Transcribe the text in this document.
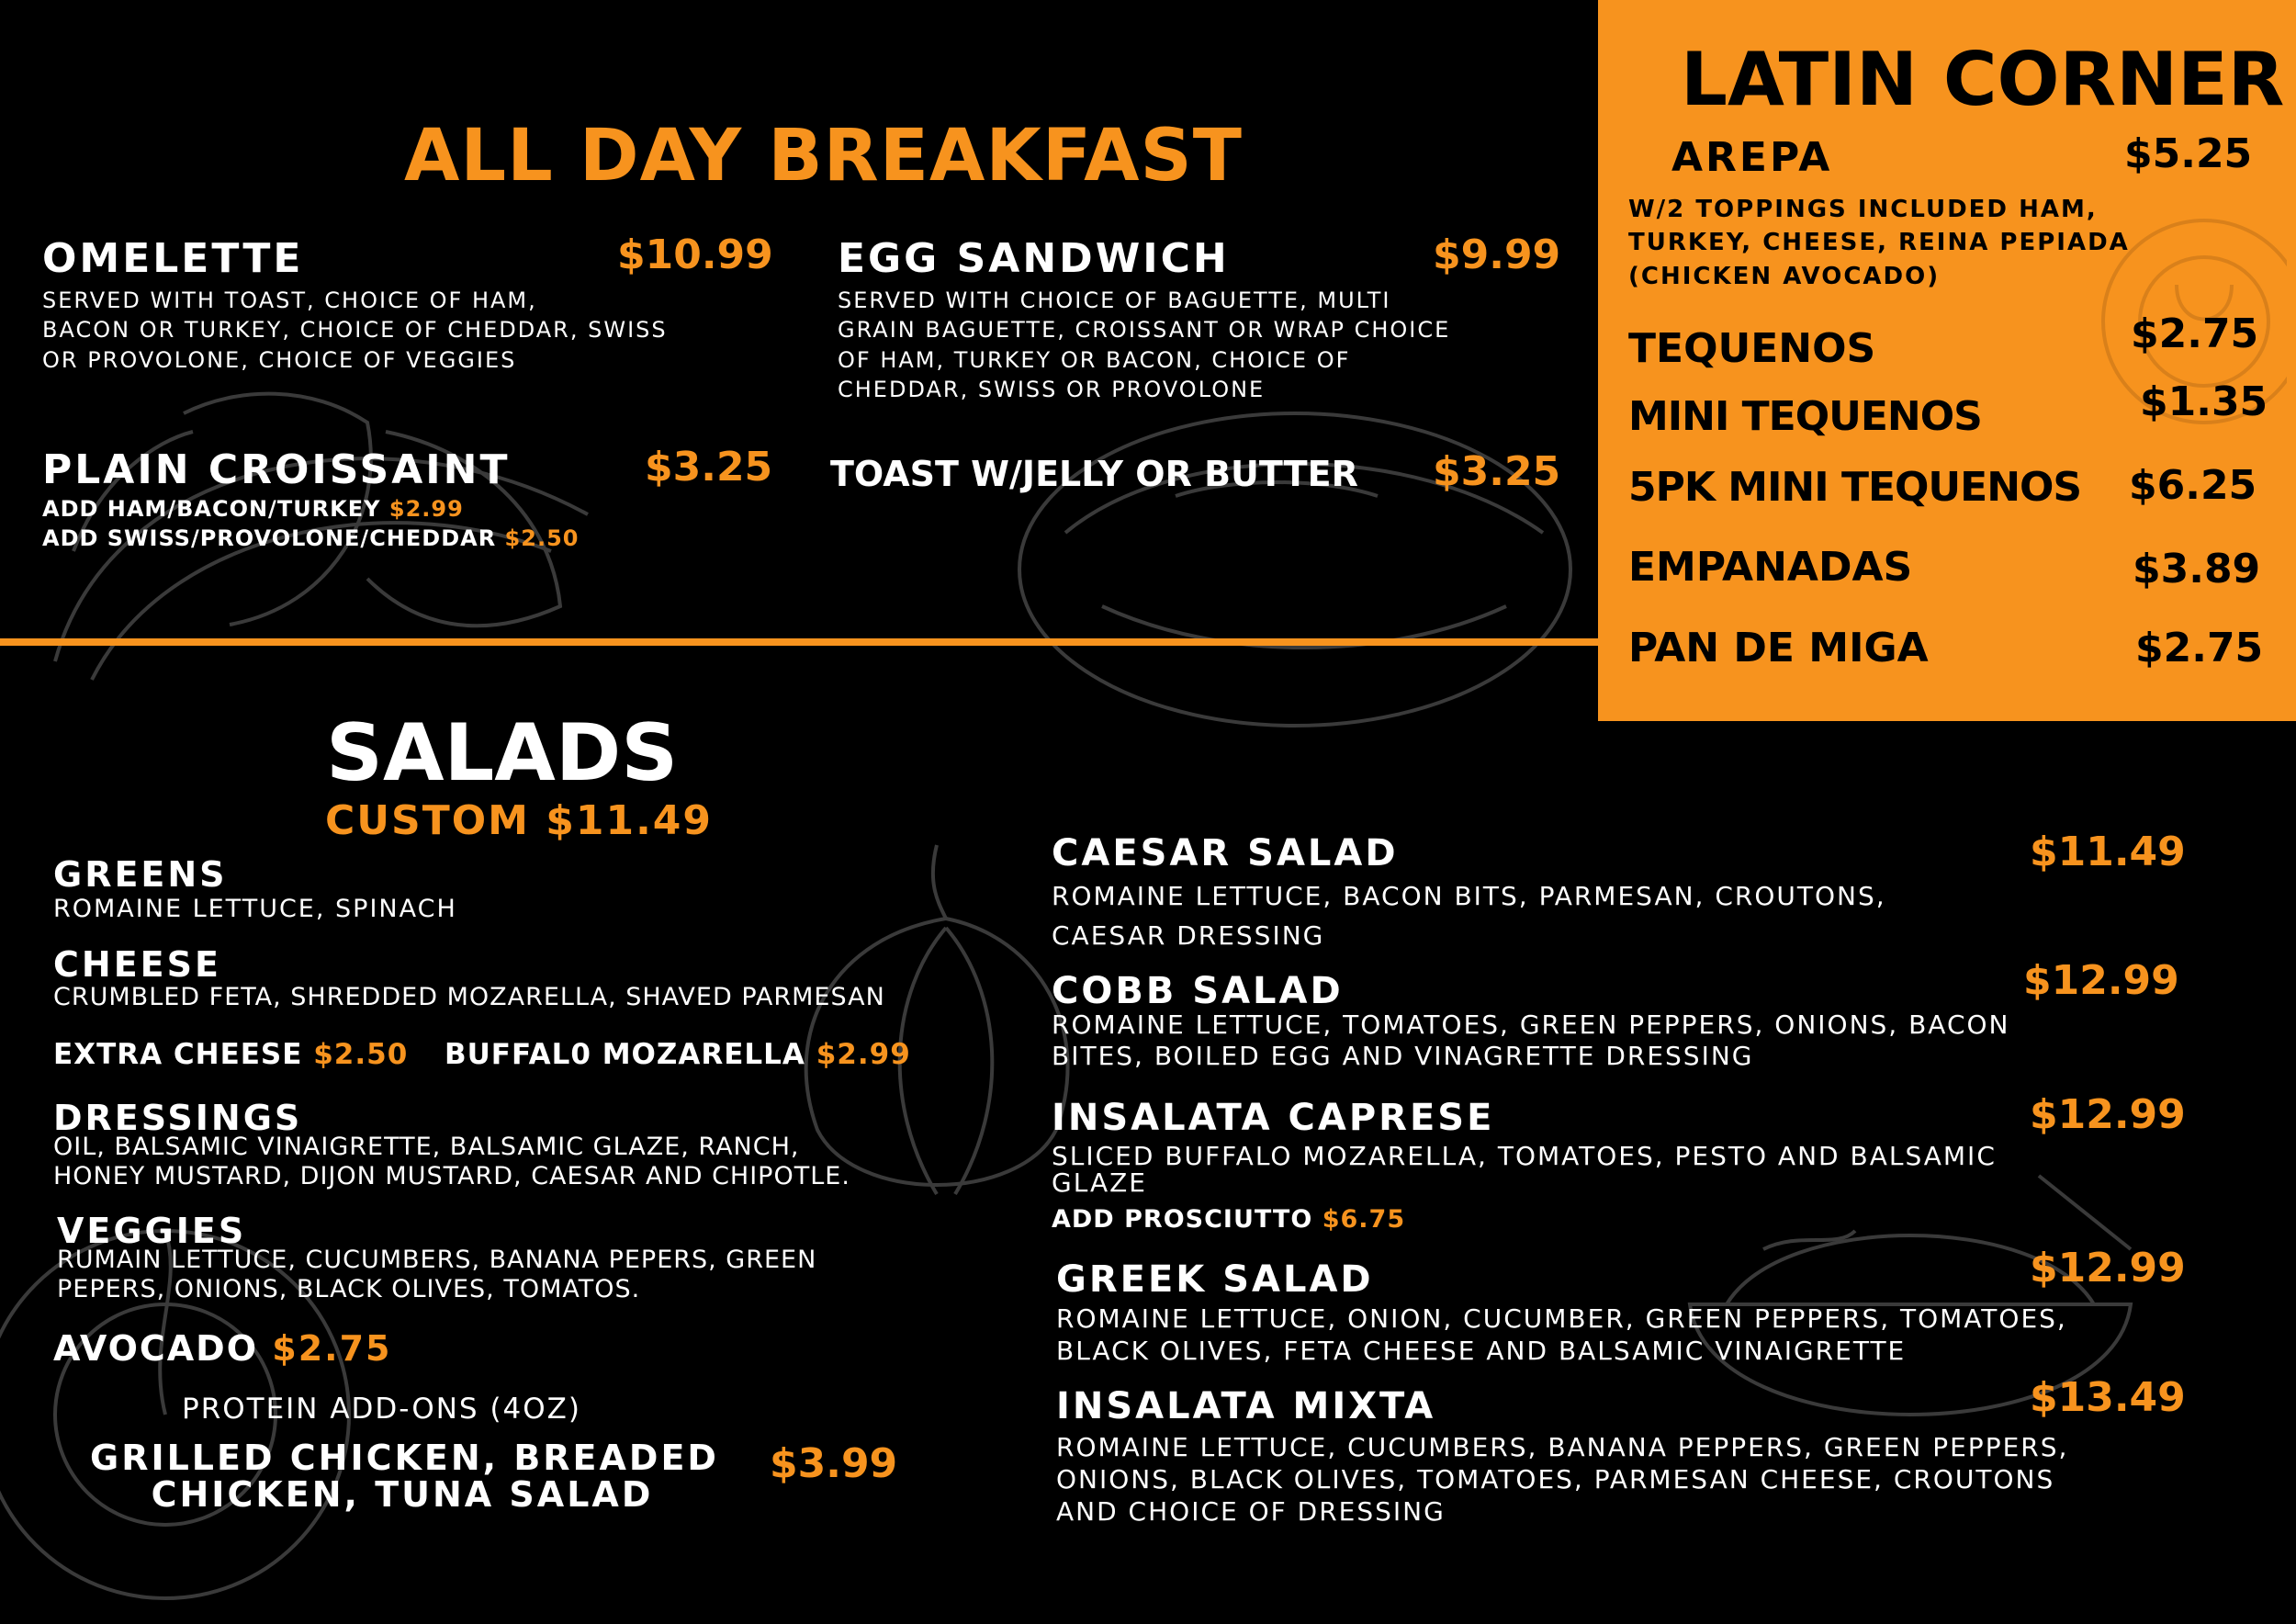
ALL DAY BREAKFAST
OMELETTE	$10.99
SERVED WITH TOAST, CHOICE OF HAM,
BACON OR TURKEY, CHOICE OF CHEDDAR, SWISS
OR PROVOLONE, CHOICE OF VEGGIES
EGG SANDWICH	$9.99
SERVED WITH CHOICE OF BAGUETTE, MULTI
GRAIN BAGUETTE, CROISSANT OR WRAP CHOICE
OF HAM, TURKEY OR BACON, CHOICE OF
CHEDDAR, SWISS OR PROVOLONE
PLAIN CROISSAINT	$3.25
ADD HAM/BACON/TURKEY $2.99
ADD SWISS/PROVOLONE/CHEDDAR $2.50
TOAST W/JELLY OR BUTTER $3.25
LATIN CORNER
AREPA	$5.25
W/2 TOPPINGS INCLUDED HAM,
TURKEY, CHEESE, REINA PEPIADA
(CHICKEN AVOCADO)
TEQUENOS	$2.75
MINI TEQUENOS	$1.35
5PK MINI TEQUENOS $6.25
EMPANADAS	$3.89
PAN DE MIGA	$2.75
SALADS
CUSTOM $11.49
GREENS
ROMAINE LETTUCE, SPINACH
CHEESE
CRUMBLED FETA, SHREDDED MOZARELLA, SHAVED PARMESAN
EXTRA CHEESE $2.50 BUFFAL0 MOZARELLA $2.99
DRESSINGS
OIL, BALSAMIC VINAIGRETTE, BALSAMIC GLAZE, RANCH,
HONEY MUSTARD, DIJON MUSTARD, CAESAR AND CHIPOTLE.
VEGGIES
RUMAIN LETTUCE, CUCUMBERS, BANANA PEPERS, GREEN
PEPERS, ONIONS, BLACK OLIVES, TOMATOS.
AVOCADO $2.75
PROTEIN ADD-ONS (4OZ)
GRILLED CHICKEN, BREADED
CHICKEN, TUNA SALAD
$3.99
CAESAR SALAD	$11.49
ROMAINE LETTUCE, BACON BITS, PARMESAN, CROUTONS,
CAESAR DRESSING
COBB SALAD	$12.99
ROMAINE LETTUCE, TOMATOES, GREEN PEPPERS, ONIONS, BACON
BITES, BOILED EGG AND VINAGRETTE DRESSING
INSALATA CAPRESE	$12.99
SLICED BUFFALO MOZARELLA, TOMATOES, PESTO AND BALSAMIC
GLAZE
ADD PROSCIUTTO $6.75
GREEK SALAD	$12.99
ROMAINE LETTUCE, ONION, CUCUMBER, GREEN PEPPERS, TOMATOES,
BLACK OLIVES, FETA CHEESE AND BALSAMIC VINAIGRETTE
INSALATA MIXTA	$13.49
ROMAINE LETTUCE, CUCUMBERS, BANANA PEPPERS, GREEN PEPPERS,
ONIONS, BLACK OLIVES, TOMATOES, PARMESAN CHEESE, CROUTONS
AND CHOICE OF DRESSING
